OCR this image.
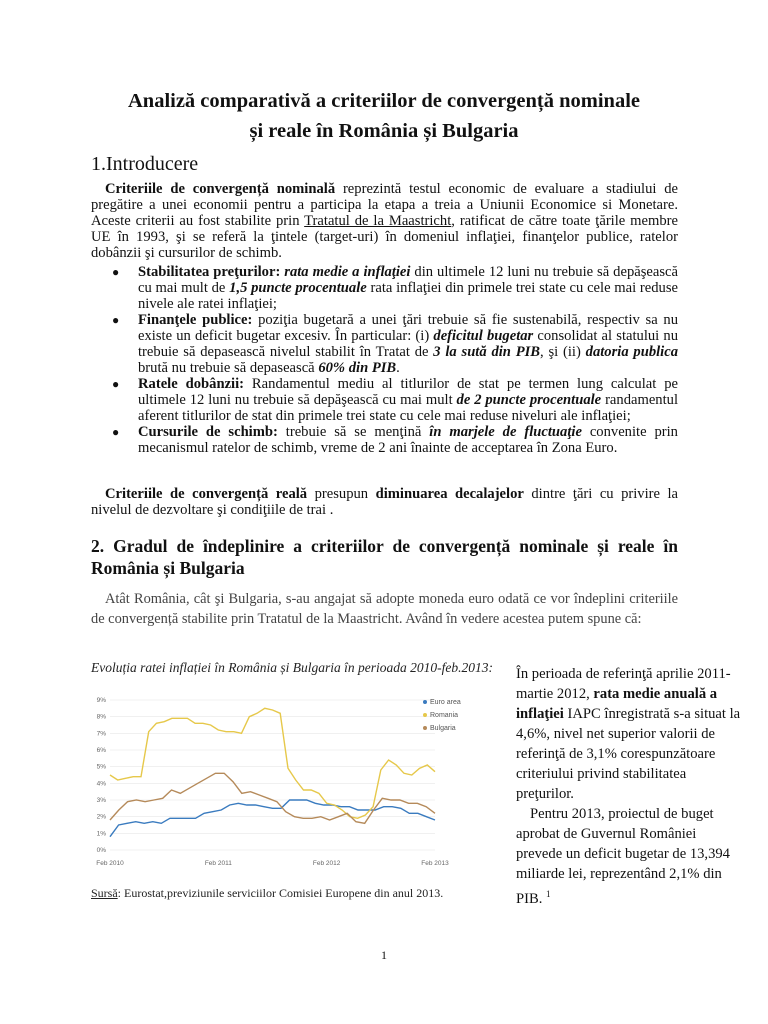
Analiză comparativă a criteriilor de convergență nominale
și reale în România și Bulgaria
1.Introducere
Criteriile de convergență nominală reprezintă testul economic de evaluare a stadiului de pregătire a unei economii pentru a participa la etapa a treia a Uniunii Economice si Monetare. Aceste criterii au fost stabilite prin Tratatul de la Maastricht, ratificat de către toate ţările membre UE în 1993, şi se referă la ţintele (target-uri) în domeniul inflaţiei, finanţelor publice, ratelor dobânzii şi cursurilor de schimb.
● Stabilitatea preţurilor: rata medie a inflaţiei din ultimele 12 luni nu trebuie să depăşească cu mai mult de 1,5 puncte procentuale rata inflaţiei din primele trei state cu cele mai reduse nivele ale ratei inflaţiei;
● Finanţele publice: poziţia bugetară a unei ţări trebuie să fie sustenabilă, respectiv sa nu existe un deficit bugetar excesiv. În particular: (i) deficitul bugetar consolidat al statului nu trebuie să depasească nivelul stabilit în Tratat de 3 la sută din PIB, şi (ii) datoria publica brută nu trebuie să depasească 60% din PIB.
● Ratele dobânzii: Randamentul mediu al titlurilor de stat pe termen lung calculat pe ultimele 12 luni nu trebuie să depăşească cu mai mult de 2 puncte procentuale randamentul aferent titlurilor de stat din primele trei state cu cele mai reduse niveluri ale inflaţiei;
● Cursurile de schimb: trebuie să se menţină în marjele de fluctuaţie convenite prin mecanismul ratelor de schimb, vreme de 2 ani înainte de acceptarea în Zona Euro.
Criteriile de convergență reală presupun diminuarea decalajelor dintre ţări cu privire la nivelul de dezvoltare şi condiţiile de trai .
2. Gradul de îndeplinire a criteriilor de convergență nominale și reale în România și Bulgaria
Atât România, cât şi Bulgaria, s-au angajat să adopte moneda euro odată ce vor îndeplini criteriile de convergență stabilite prin Tratatul de la Maastricht. Având în vedere acestea putem spune că:
Evoluția ratei inflației în România și Bulgaria în perioada 2010-feb.2013:
0%
1%
2%
3%
4%
5%
6%
7%
8%
9%
Feb 2010	Feb 2011	Feb 2012	Feb 2013
Euro area
Romania
Bulgaria
Sursă: Eurostat,previziunile serviciilor Comisiei Europene din anul 2013.

În perioada de referinţă aprilie 2011- martie 2012, rata medie anuală a inflaţiei IAPC înregistrată s-a situat la 4,6%, nivel net superior valorii de referinţă de 3,1% corespunzătoare criteriului privind stabilitatea preţurilor.

Pentru 2013, proiectul de buget aprobat de Guvernul României prevede un deficit bugetar de 13,394 miliarde lei, reprezentând 2,1% din PIB. $^1$

1
